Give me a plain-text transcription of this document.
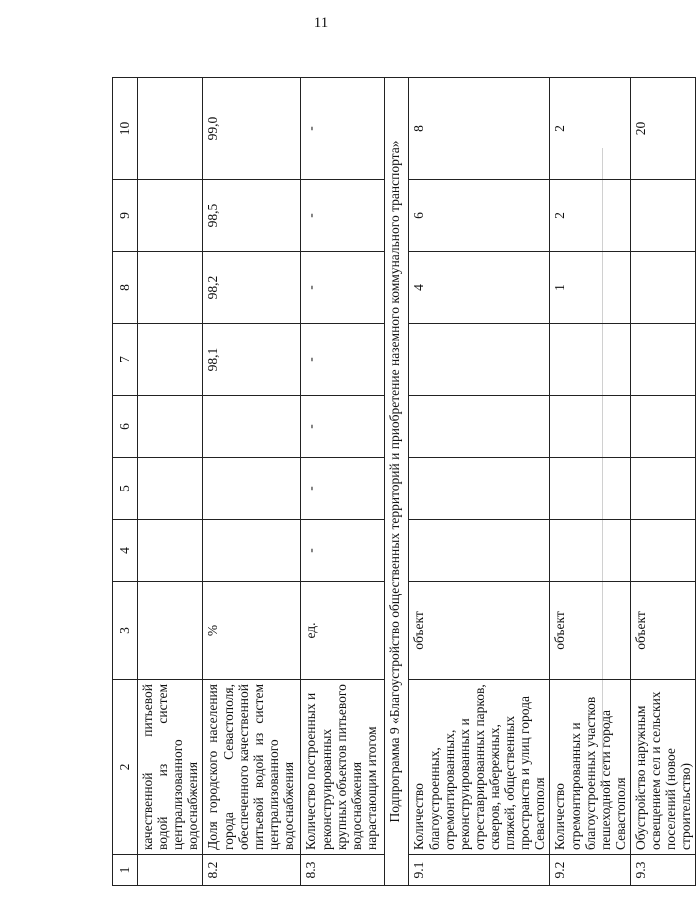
11
1	2	3	4	5	6	7	8	9	10
	качественной питьевой водой из систем централизованного водоснабжения								
8.2	Доля городского населения города Севастополя, обеспеченного качественной питьевой водой из систем централизованного водоснабжения	%				98,1	98,2	98,5	99,0
8.3	Количество построенных и реконструированных крупных объектов питьевого водоснабжения нарастающим итогом	ед.	-	-	-	-	-	-	-
Подпрограмма 9 «Благоустройство общественных территорий и приобретение наземного коммунального транспорта»									
9.1	Количество благоустроенных, отремонтированных, реконструированных и отреставрированных парков, скверов, набережных, пляжей, общественных пространств и улиц города Севастополя	объект					4	6	8
9.2	Количество отремонтированных и благоустроенных участков пешеходной сети города Севастополя	объект					1	2	2
9.3	Обустройство наружным освещением сел и сельских поселений (новое строительство)	объект							20
